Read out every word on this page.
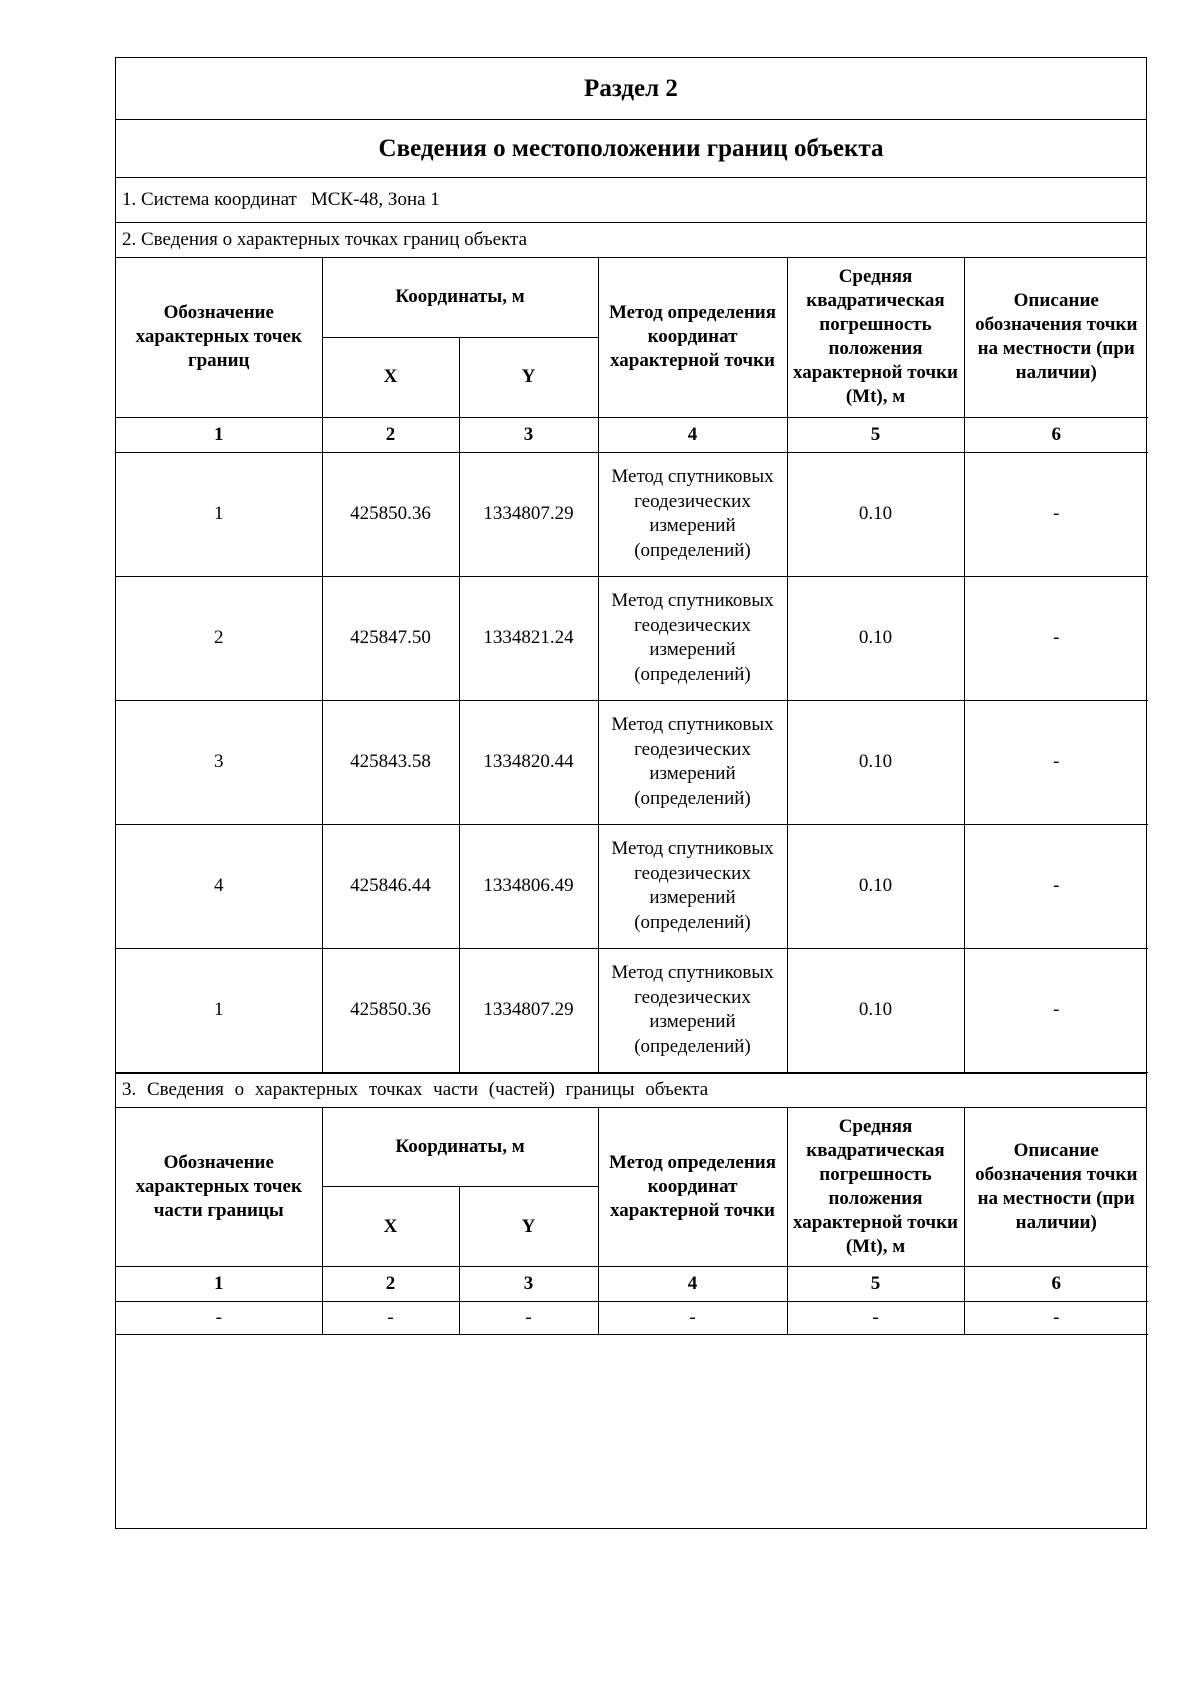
Раздел 2
Сведения о местоположении границ объекта
1. Система координат МСК-48, Зона 1
2. Сведения о характерных точках границ объекта
Обозначение характерных точек границ	Координаты, м		Метод определения координат характерной точки	Средняя квадратическая погрешность положения характерной точки (Mt), м	Описание обозначения точки на местности (при наличии)
	X	Y			
1	2	3	4	5	6
1	425850.36	1334807.29	Метод спутниковых геодезических измерений (определений)	0.10	-
2	425847.50	1334821.24	Метод спутниковых геодезических измерений (определений)	0.10	-
3	425843.58	1334820.44	Метод спутниковых геодезических измерений (определений)	0.10	-
4	425846.44	1334806.49	Метод спутниковых геодезических измерений (определений)	0.10	-
1	425850.36	1334807.29	Метод спутниковых геодезических измерений (определений)	0.10	-
3. Сведения о характерных точках части (частей) границы объекта
Обозначение характерных точек части границы	Координаты, м		Метод определения координат характерной точки	Средняя квадратическая погрешность положения характерной точки (Mt), м	Описание обозначения точки на местности (при наличии)
	X	Y			
1	2	3	4	5	6
-	-	-	-	-	-
